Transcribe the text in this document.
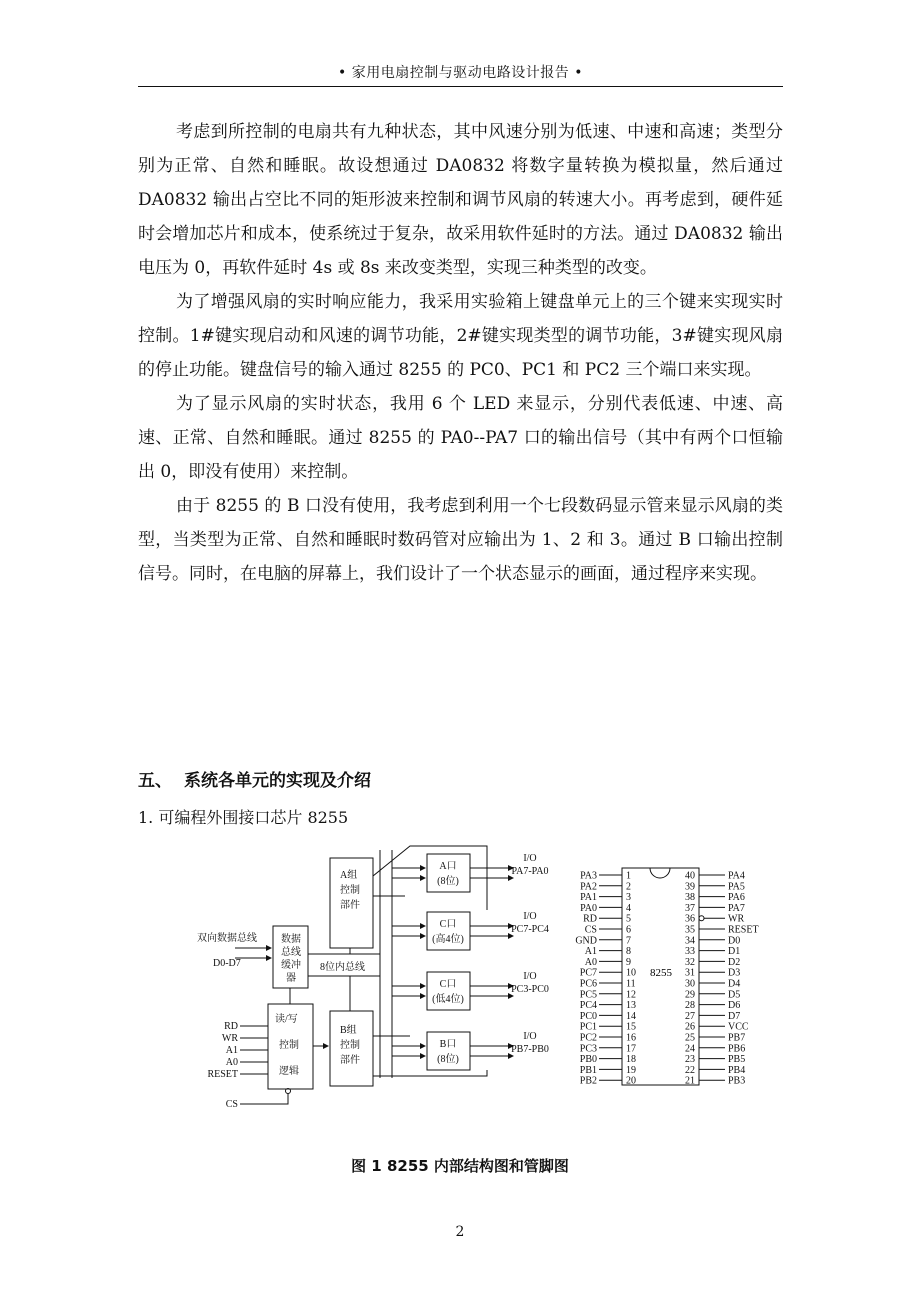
• 家用电扇控制与驱动电路设计报告 •

考虑到所控制的电扇共有九种状态，其中风速分别为低速、中速和高速；类型分别为正常、自然和睡眠。故设想通过 DA0832 将数字量转换为模拟量，然后通过 DA0832 输出占空比不同的矩形波来控制和调节风扇的转速大小。再考虑到，硬件延时会增加芯片和成本，使系统过于复杂，故采用软件延时的方法。通过 DA0832 输出电压为 0，再软件延时 4s 或 8s 来改变类型，实现三种类型的改变。

为了增强风扇的实时响应能力，我采用实验箱上键盘单元上的三个键来实现实时控制。1#键实现启动和风速的调节功能，2#键实现类型的调节功能，3#键实现风扇的停止功能。键盘信号的输入通过 8255 的 PC0、PC1 和 PC2 三个端口来实现。

为了显示风扇的实时状态，我用 6 个 LED 来显示，分别代表低速、中速、高速、正常、自然和睡眠。通过 8255 的 PA0--PA7 口的输出信号（其中有两个口恒输出 0，即没有使用）来控制。

由于 8255 的 B 口没有使用，我考虑到利用一个七段数码显示管来显示风扇的类型，当类型为正常、自然和睡眠时数码管对应输出为 1、2 和 3。通过 B 口输出控制信号。同时，在电脑的屏幕上，我们设计了一个状态显示的画面，通过程序来实现。

五、 系统各单元的实现及介绍
1. 可编程外围接口芯片 8255
双向数据总线
D0-D7
数据
总线
缓冲
器
8位内总线
A组
控制
部件
B组
控制
部件
读/写
控制
逻辑
RD
WR
A1
A0
RESET
CS
A口
(8位)
C口
(高4位)
C口
(低4位)
B口
(8位)
I/O
PA7-PA0
I/O
PC7-PC4
I/O
PC3-PC0
I/O
PB7-PB0
8255
PA3	1
PA2	2
PA1	3
PA0	4
RD	5
CS	6
GND	7
A1	8
A0	9
PC7	10
PC6	11
PC5	12
PC4	13
PC0	14
PC1	15
PC2	16
PC3	17
PB0	18
PB1	19
PB2	20
40	PA4
39	PA5
38	PA6
37	PA7
36	WR
35	RESET
34	D0
33	D1
32	D2
31	D3
30	D4
29	D5
28	D6
27	D7
26	VCC
25	PB7
24	PB6
23	PB5
22	PB4
21	PB3
图 1 8255 内部结构图和管脚图
2
